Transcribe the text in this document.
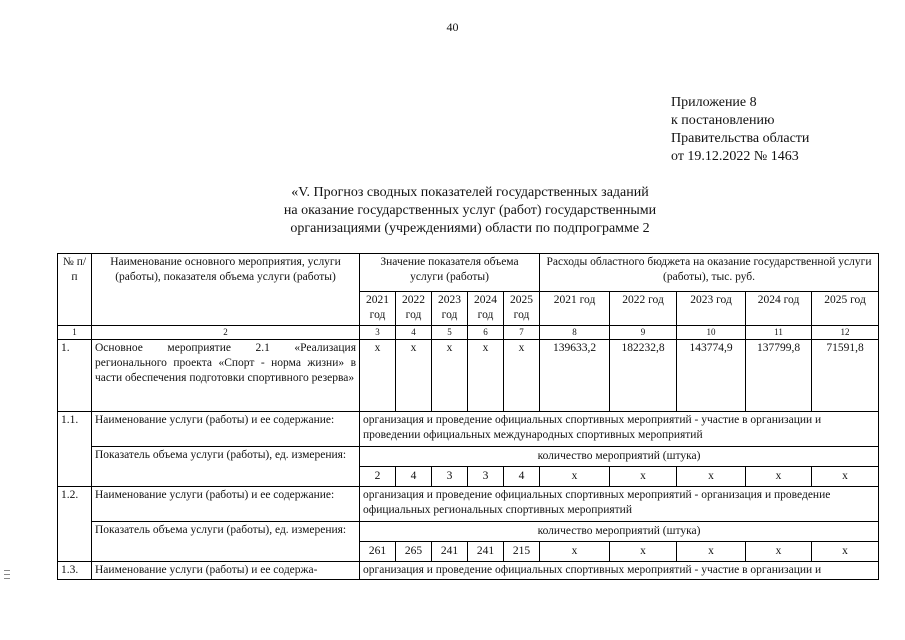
40
Приложение 8
к постановлению
Правительства области
от 19.12.2022 № 1463
«V. Прогноз сводных показателей государственных заданий
на оказание государственных услуг (работ) государственными
организациями (учреждениями) области по подпрограмме 2
№ п/п	Наименование основного мероприятия, услуги (работы), показателя объема услуги (работы)	Значение показателя объема услуги (работы)					Расходы областного бюджета на оказание государственной услуги (работы), тыс. руб.				
		2021 год	2022 год	2023 год	2024 год	2025 год	2021 год	2022 год	2023 год	2024 год	2025 год
1	2	3	4	5	6	7	8	9	10	11	12
1.	Основное мероприятие 2.1 «Реализация регионального проекта «Спорт - норма жизни» в части обеспечения подготовки спортивного резерва»	x	x	x	x	x	139633,2	182232,8	143774,9	137799,8	71591,8
1.1.	Наименование услуги (работы) и ее содержание:	организация и проведение официальных спортивных мероприятий - участие в организации и проведении официальных международных спортивных мероприятий									
	Показатель объема услуги (работы), ед. измерения:	количество мероприятий (штука)									
		2	4	3	3	4	x	x	x	x	x
1.2.	Наименование услуги (работы) и ее содержание:	организация и проведение официальных спортивных мероприятий - организация и проведение официальных региональных спортивных мероприятий									
	Показатель объема услуги (работы), ед. измерения:	количество мероприятий (штука)									
		261	265	241	241	215	x	x	x	x	x
1.3.	Наименование услуги (работы) и ее содержа-	организация и проведение официальных спортивных мероприятий - участие в организации и									
